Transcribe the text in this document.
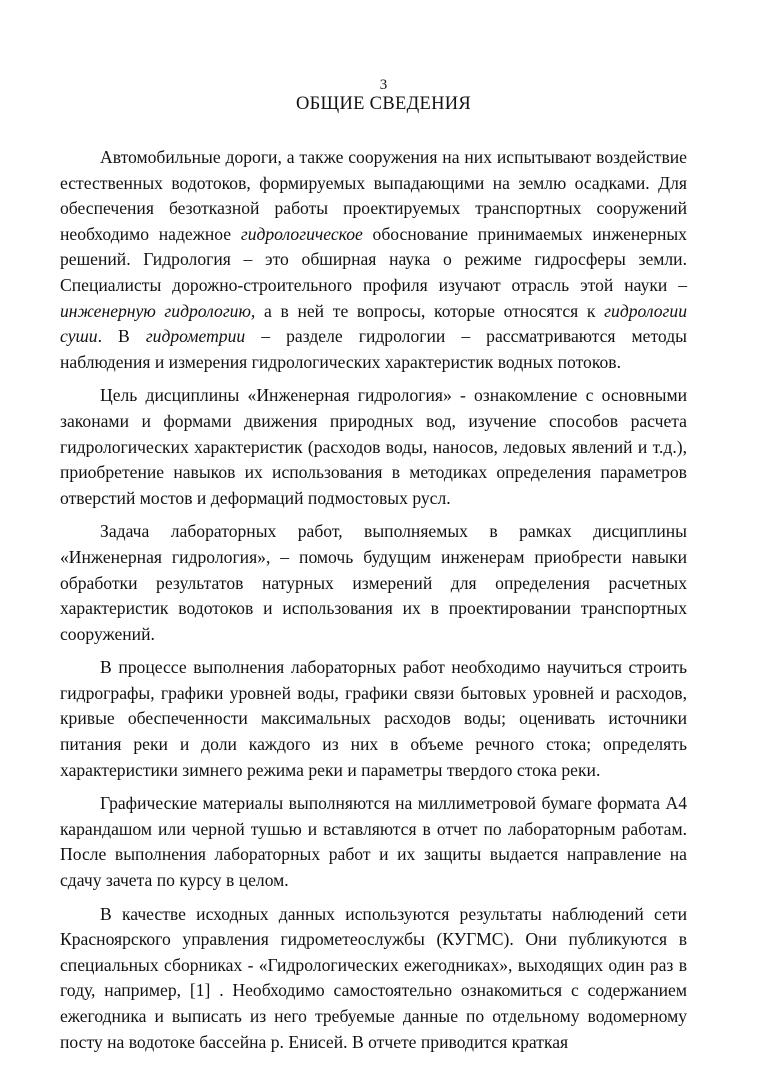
3
ОБЩИЕ СВЕДЕНИЯ

Автомобильные дороги, а также сооружения на них испытывают воздействие естественных водотоков, формируемых выпадающими на землю осадками. Для обеспечения безотказной работы проектируемых транспортных сооружений необходимо надежное гидрологическое обоснование принимаемых инженерных решений. Гидрология – это обширная наука о режиме гидросферы земли. Специалисты дорожно-строительного профиля изучают отрасль этой науки – инженерную гидрологию, а в ней те вопросы, которые относятся к гидрологии суши. В гидрометрии – разделе гидрологии – рассматриваются методы наблюдения и измерения гидрологических характеристик водных потоков.

Цель дисциплины «Инженерная гидрология» - ознакомление с основными законами и формами движения природных вод, изучение способов расчета гидрологических характеристик (расходов воды, наносов, ледовых явлений и т.д.), приобретение навыков их использования в методиках определения параметров отверстий мостов и деформаций подмостовых русл.

Задача лабораторных работ, выполняемых в рамках дисциплины «Инженерная гидрология», – помочь будущим инженерам приобрести навыки обработки результатов натурных измерений для определения расчетных характеристик водотоков и использования их в проектировании транспортных сооружений.

В процессе выполнения лабораторных работ необходимо научиться строить гидрографы, графики уровней воды, графики связи бытовых уровней и расходов, кривые обеспеченности максимальных расходов воды; оценивать источники питания реки и доли каждого из них в объеме речного стока; определять характеристики зимнего режима реки и параметры твердого стока реки.

Графические материалы выполняются на миллиметровой бумаге формата А4 карандашом или черной тушью и вставляются в отчет по лабораторным работам. После выполнения лабораторных работ и их защиты выдается направление на сдачу зачета по курсу в целом.

В качестве исходных данных используются результаты наблюдений сети Красноярского управления гидрометеослужбы (КУГМС). Они публикуются в специальных сборниках - «Гидрологических ежегодниках», выходящих один раз в году, например, [1] . Необходимо самостоятельно ознакомиться с содержанием ежегодника и выписать из него требуемые данные по отдельному водомерному посту на водотоке бассейна р. Енисей. В отчете приводится краткая
